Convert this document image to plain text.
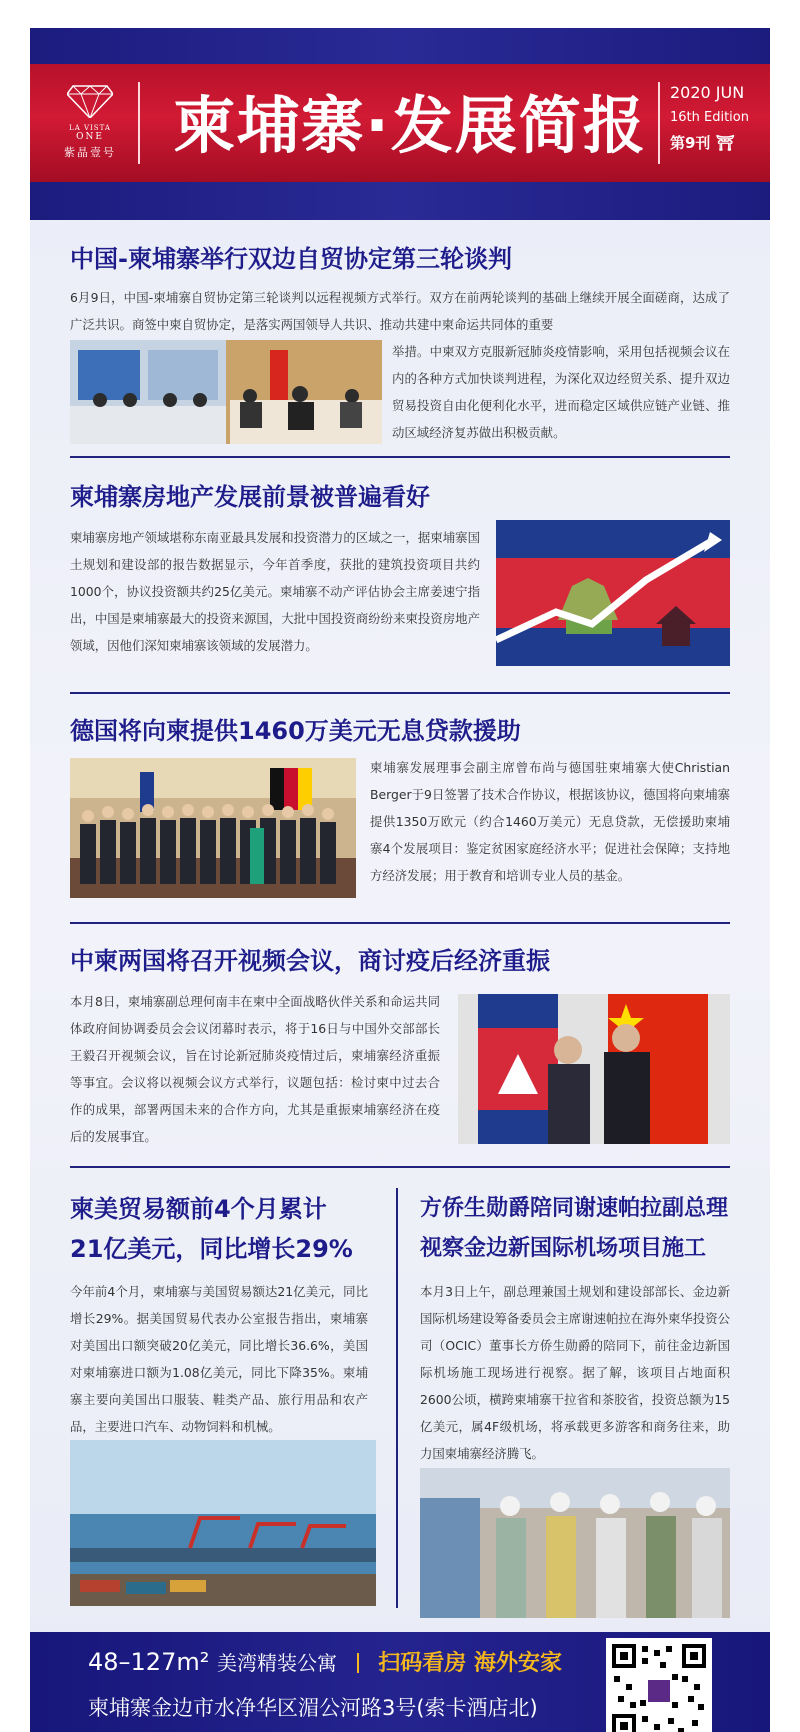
LA VISTA
ONE
紫晶壹号 柬埔寨·发展简报	2020 JUN
16th Edition
第9刊 ⛩
中国-柬埔寨举行双边自贸协定第三轮谈判
6月9日，中国-柬埔寨自贸协定第三轮谈判以远程视频方式举行。双方在前两轮谈判的基础上继续开展全面磋商，达成了广泛共识。商签中柬自贸协定，是落实两国领导人共识、推动共建中柬命运共同体的重要
举措。中柬双方克服新冠肺炎疫情影响，采用包括视频会议在内的各种方式加快谈判进程，为深化双边经贸关系、提升双边贸易投资自由化便利化水平，进而稳定区域供应链产业链、推动区域经济复苏做出积极贡献。
柬埔寨房地产发展前景被普遍看好
柬埔寨房地产领域堪称东南亚最具发展和投资潜力的区域之一，据柬埔寨国土规划和建设部的报告数据显示，今年首季度，获批的建筑投资项目共约1000个，协议投资额共约25亿美元。柬埔寨不动产评估协会主席姜速宁指出，中国是柬埔寨最大的投资来源国，大批中国投资商纷纷来柬投资房地产领域，因他们深知柬埔寨该领域的发展潜力。
德国将向柬提供1460万美元无息贷款援助
柬埔寨发展理事会副主席曾布尚与德国驻柬埔寨大使Christian Berger于9日签署了技术合作协议，根据该协议，德国将向柬埔寨提供1350万欧元（约合1460万美元）无息贷款，无偿援助柬埔寨4个发展项目：鉴定贫困家庭经济水平；促进社会保障；支持地方经济发展；用于教育和培训专业人员的基金。
中柬两国将召开视频会议，商讨疫后经济重振
本月8日，柬埔寨副总理何南丰在柬中全面战略伙伴关系和命运共同体政府间协调委员会会议闭幕时表示，将于16日与中国外交部部长王毅召开视频会议，旨在讨论新冠肺炎疫情过后，柬埔寨经济重振等事宜。会议将以视频会议方式举行，议题包括：检讨柬中过去合作的成果，部署两国未来的合作方向，尤其是重振柬埔寨经济在疫后的发展事宜。
柬美贸易额前4个月累计
21亿美元，同比增长29%
今年前4个月，柬埔寨与美国贸易额达21亿美元，同比增长29%。据美国贸易代表办公室报告指出，柬埔寨对美国出口额突破20亿美元，同比增长36.6%，美国对柬埔寨进口额为1.08亿美元，同比下降35%。柬埔寨主要向美国出口服装、鞋类产品、旅行用品和农产品，主要进口汽车、动物饲料和机械。
方侨生勋爵陪同谢速帕拉副总理
视察金边新国际机场项目施工
本月3日上午，副总理兼国土规划和建设部部长、金边新国际机场建设筹备委员会主席谢速帕拉在海外柬华投资公司（OCIC）董事长方侨生勋爵的陪同下，前往金边新国际机场施工现场进行视察。据了解，该项目占地面积2600公顷，横跨柬埔寨干拉省和茶胶省，投资总额为15亿美元，属4F级机场，将承载更多游客和商务往来，助力国柬埔寨经济腾飞。
48–127m² 美湾精装公寓 扫码看房 海外安家
柬埔寨金边市水净华区湄公河路3号(索卡酒店北)
